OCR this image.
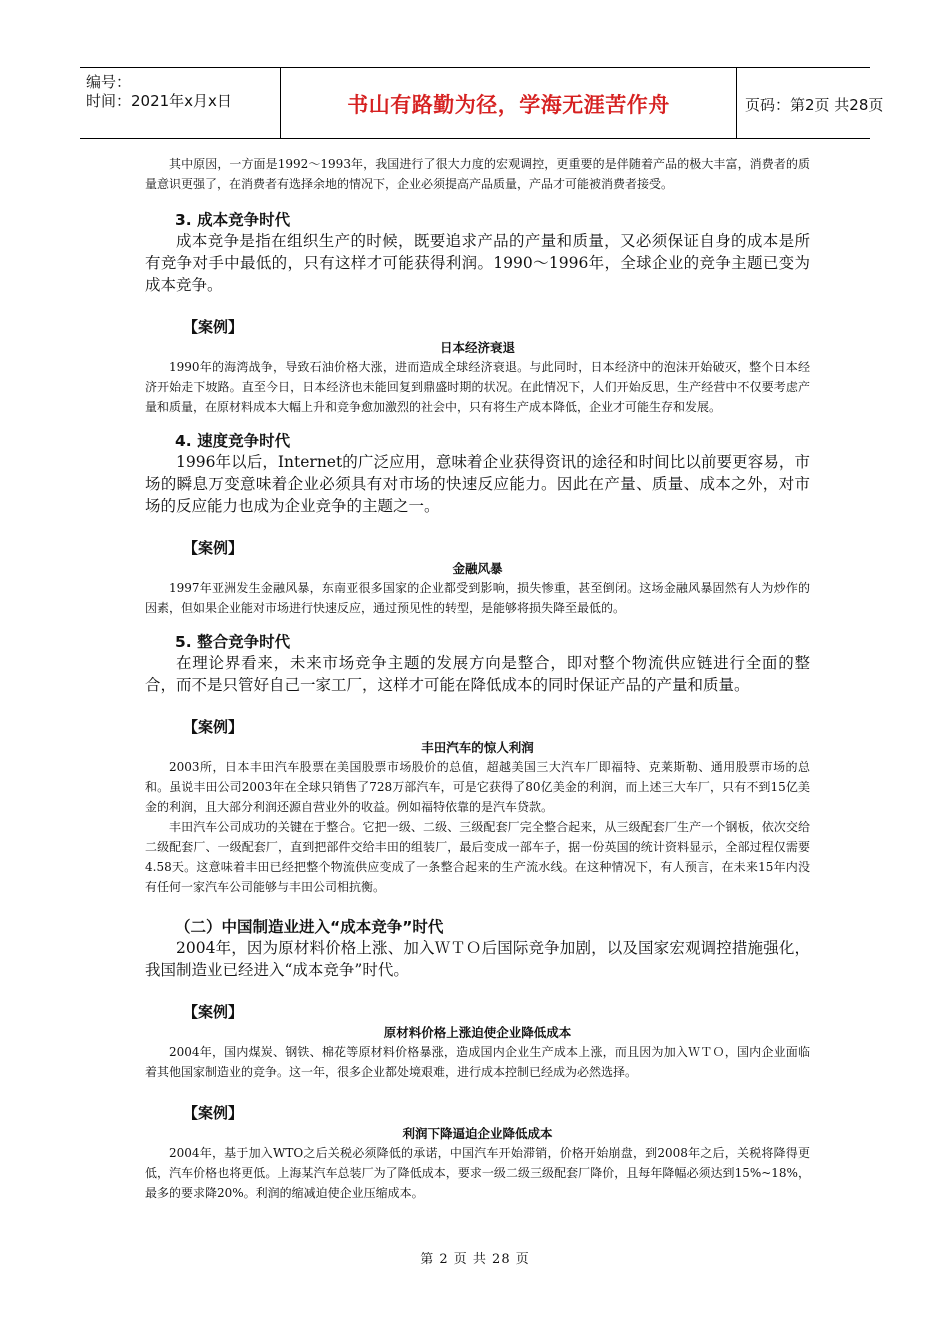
编号：
时间：2021年x月x日	书山有路勤为径，学海无涯苦作舟	页码：第2页 共28页

其中原因，一方面是1992～1993年，我国进行了很大力度的宏观调控，更重要的是伴随着产品的极大丰富，消费者的质量意识更强了，在消费者有选择余地的情况下，企业必须提高产品质量，产品才可能被消费者接受。

3. 成本竞争时代

成本竞争是指在组织生产的时候，既要追求产品的产量和质量，又必须保证自身的成本是所有竞争对手中最低的，只有这样才可能获得利润。1990～1996年，全球企业的竞争主题已变为成本竞争。

【案例】

日本经济衰退

1990年的海湾战争，导致石油价格大涨，进而造成全球经济衰退。与此同时，日本经济中的泡沫开始破灭，整个日本经济开始走下坡路。直至今日，日本经济也未能回复到鼎盛时期的状况。在此情况下，人们开始反思，生产经营中不仅要考虑产量和质量，在原材料成本大幅上升和竞争愈加激烈的社会中，只有将生产成本降低，企业才可能生存和发展。

4. 速度竞争时代

1996年以后，Internet的广泛应用，意味着企业获得资讯的途径和时间比以前要更容易，市场的瞬息万变意味着企业必须具有对市场的快速反应能力。因此在产量、质量、成本之外，对市场的反应能力也成为企业竞争的主题之一。

【案例】

金融风暴

1997年亚洲发生金融风暴，东南亚很多国家的企业都受到影响，损失惨重，甚至倒闭。这场金融风暴固然有人为炒作的因素，但如果企业能对市场进行快速反应，通过预见性的转型，是能够将损失降至最低的。

5. 整合竞争时代

在理论界看来，未来市场竞争主题的发展方向是整合，即对整个物流供应链进行全面的整合，而不是只管好自己一家工厂，这样才可能在降低成本的同时保证产品的产量和质量。

【案例】

丰田汽车的惊人利润

2003所，日本丰田汽车股票在美国股票市场股价的总值，超越美国三大汽车厂即福特、克莱斯勒、通用股票市场的总和。虽说丰田公司2003年在全球只销售了728万部汽车，可是它获得了80亿美金的利润，而上述三大车厂，只有不到15亿美金的利润，且大部分利润还源自营业外的收益。例如福特依靠的是汽车贷款。

丰田汽车公司成功的关键在于整合。它把一级、二级、三级配套厂完全整合起来，从三级配套厂生产一个钢板，依次交给二级配套厂、一级配套厂，直到把部件交给丰田的组装厂，最后变成一部车子，据一份英国的统计资料显示，全部过程仅需要4.58天。这意味着丰田已经把整个物流供应变成了一条整合起来的生产流水线。在这种情况下，有人预言，在未来15年内没有任何一家汽车公司能够与丰田公司相抗衡。

（二）中国制造业进入“成本竞争”时代

2004年，因为原材料价格上涨、加入ＷＴＯ后国际竞争加剧，以及国家宏观调控措施强化，我国制造业已经进入“成本竞争”时代。

【案例】

原材料价格上涨迫使企业降低成本

2004年，国内煤炭、钢铁、棉花等原材料价格暴涨，造成国内企业生产成本上涨，而且因为加入ＷＴＯ，国内企业面临着其他国家制造业的竞争。这一年，很多企业都处境艰难，进行成本控制已经成为必然选择。

【案例】

利润下降逼迫企业降低成本

2004年，基于加入WTO之后关税必须降低的承诺，中国汽车开始滞销，价格开始崩盘，到2008年之后，关税将降得更低，汽车价格也将更低。上海某汽车总装厂为了降低成本，要求一级二级三级配套厂降价，且每年降幅必须达到15%~18%，最多的要求降20%。利润的缩减迫使企业压缩成本。

第 2 页 共 28 页
